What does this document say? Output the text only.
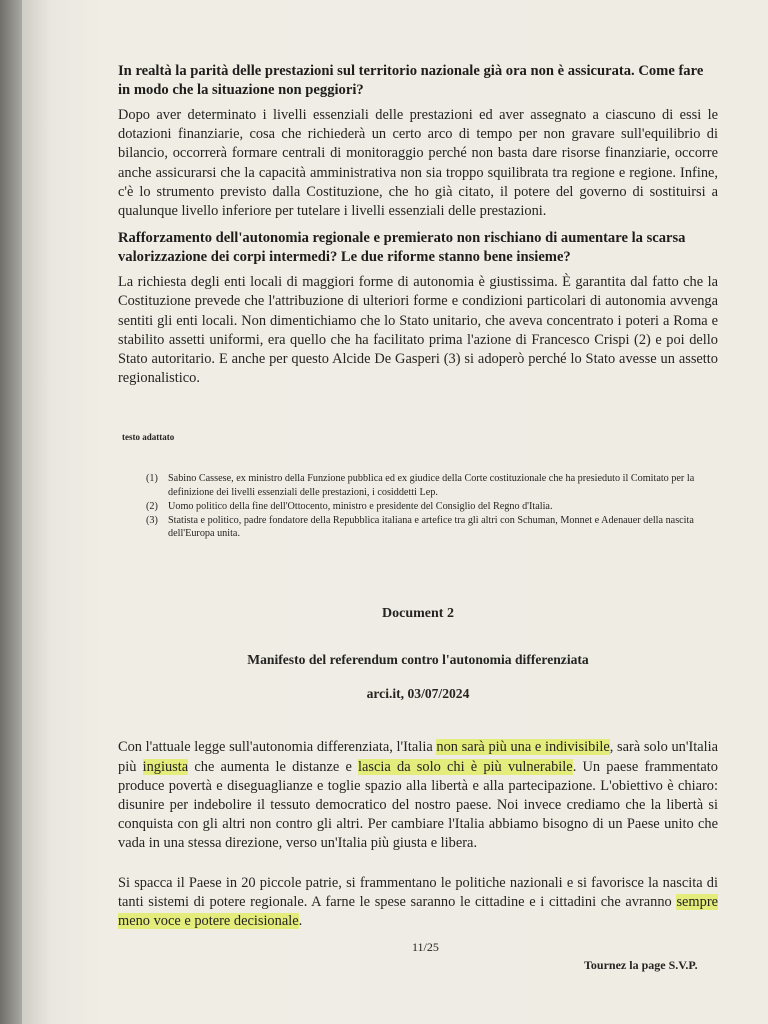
In realtà la parità delle prestazioni sul territorio nazionale già ora non è assicurata. Come fare in modo che la situazione non peggiori?

Dopo aver determinato i livelli essenziali delle prestazioni ed aver assegnato a ciascuno di essi le dotazioni finanziarie, cosa che richiederà un certo arco di tempo per non gravare sull'equilibrio di bilancio, occorrerà formare centrali di monitoraggio perché non basta dare risorse finanziarie, occorre anche assicurarsi che la capacità amministrativa non sia troppo squilibrata tra regione e regione. Infine, c'è lo strumento previsto dalla Costituzione, che ho già citato, il potere del governo di sostituirsi a qualunque livello inferiore per tutelare i livelli essenziali delle prestazioni.

Rafforzamento dell'autonomia regionale e premierato non rischiano di aumentare la scarsa valorizzazione dei corpi intermedi? Le due riforme stanno bene insieme?

La richiesta degli enti locali di maggiori forme di autonomia è giustissima. È garantita dal fatto che la Costituzione prevede che l'attribuzione di ulteriori forme e condizioni particolari di autonomia avvenga sentiti gli enti locali. Non dimentichiamo che lo Stato unitario, che aveva concentrato i poteri a Roma e stabilito assetti uniformi, era quello che ha facilitato prima l'azione di Francesco Crispi (2) e poi dello Stato autoritario. E anche per questo Alcide De Gasperi (3) si adoperò perché lo Stato avesse un assetto regionalistico.

testo adattato
(1) Sabino Cassese, ex ministro della Funzione pubblica ed ex giudice della Corte costituzionale che ha presieduto il Comitato per la definizione dei livelli essenziali delle prestazioni, i cosiddetti Lep.
(2) Uomo politico della fine dell'Ottocento, ministro e presidente del Consiglio del Regno d'Italia.
(3) Statista e politico, padre fondatore della Repubblica italiana e artefice tra gli altri con Schuman, Monnet e Adenauer della nascita dell'Europa unita.
Document 2
Manifesto del referendum contro l'autonomia differenziata
arci.it, 03/07/2024

Con l'attuale legge sull'autonomia differenziata, l'Italia non sarà più una e indivisibile, sarà solo un'Italia più ingiusta che aumenta le distanze e lascia da solo chi è più vulnerabile. Un paese frammentato produce povertà e diseguaglianze e toglie spazio alla libertà e alla partecipazione. L'obiettivo è chiaro: disunire per indebolire il tessuto democratico del nostro paese. Noi invece crediamo che la libertà si conquista con gli altri non contro gli altri. Per cambiare l'Italia abbiamo bisogno di un Paese unito che vada in una stessa direzione, verso un'Italia più giusta e libera.

Si spacca il Paese in 20 piccole patrie, si frammentano le politiche nazionali e si favorisce la nascita di tanti sistemi di potere regionale. A farne le spese saranno le cittadine e i cittadini che avranno sempre meno voce e potere decisionale.

11/25
Tournez la page S.V.P.
